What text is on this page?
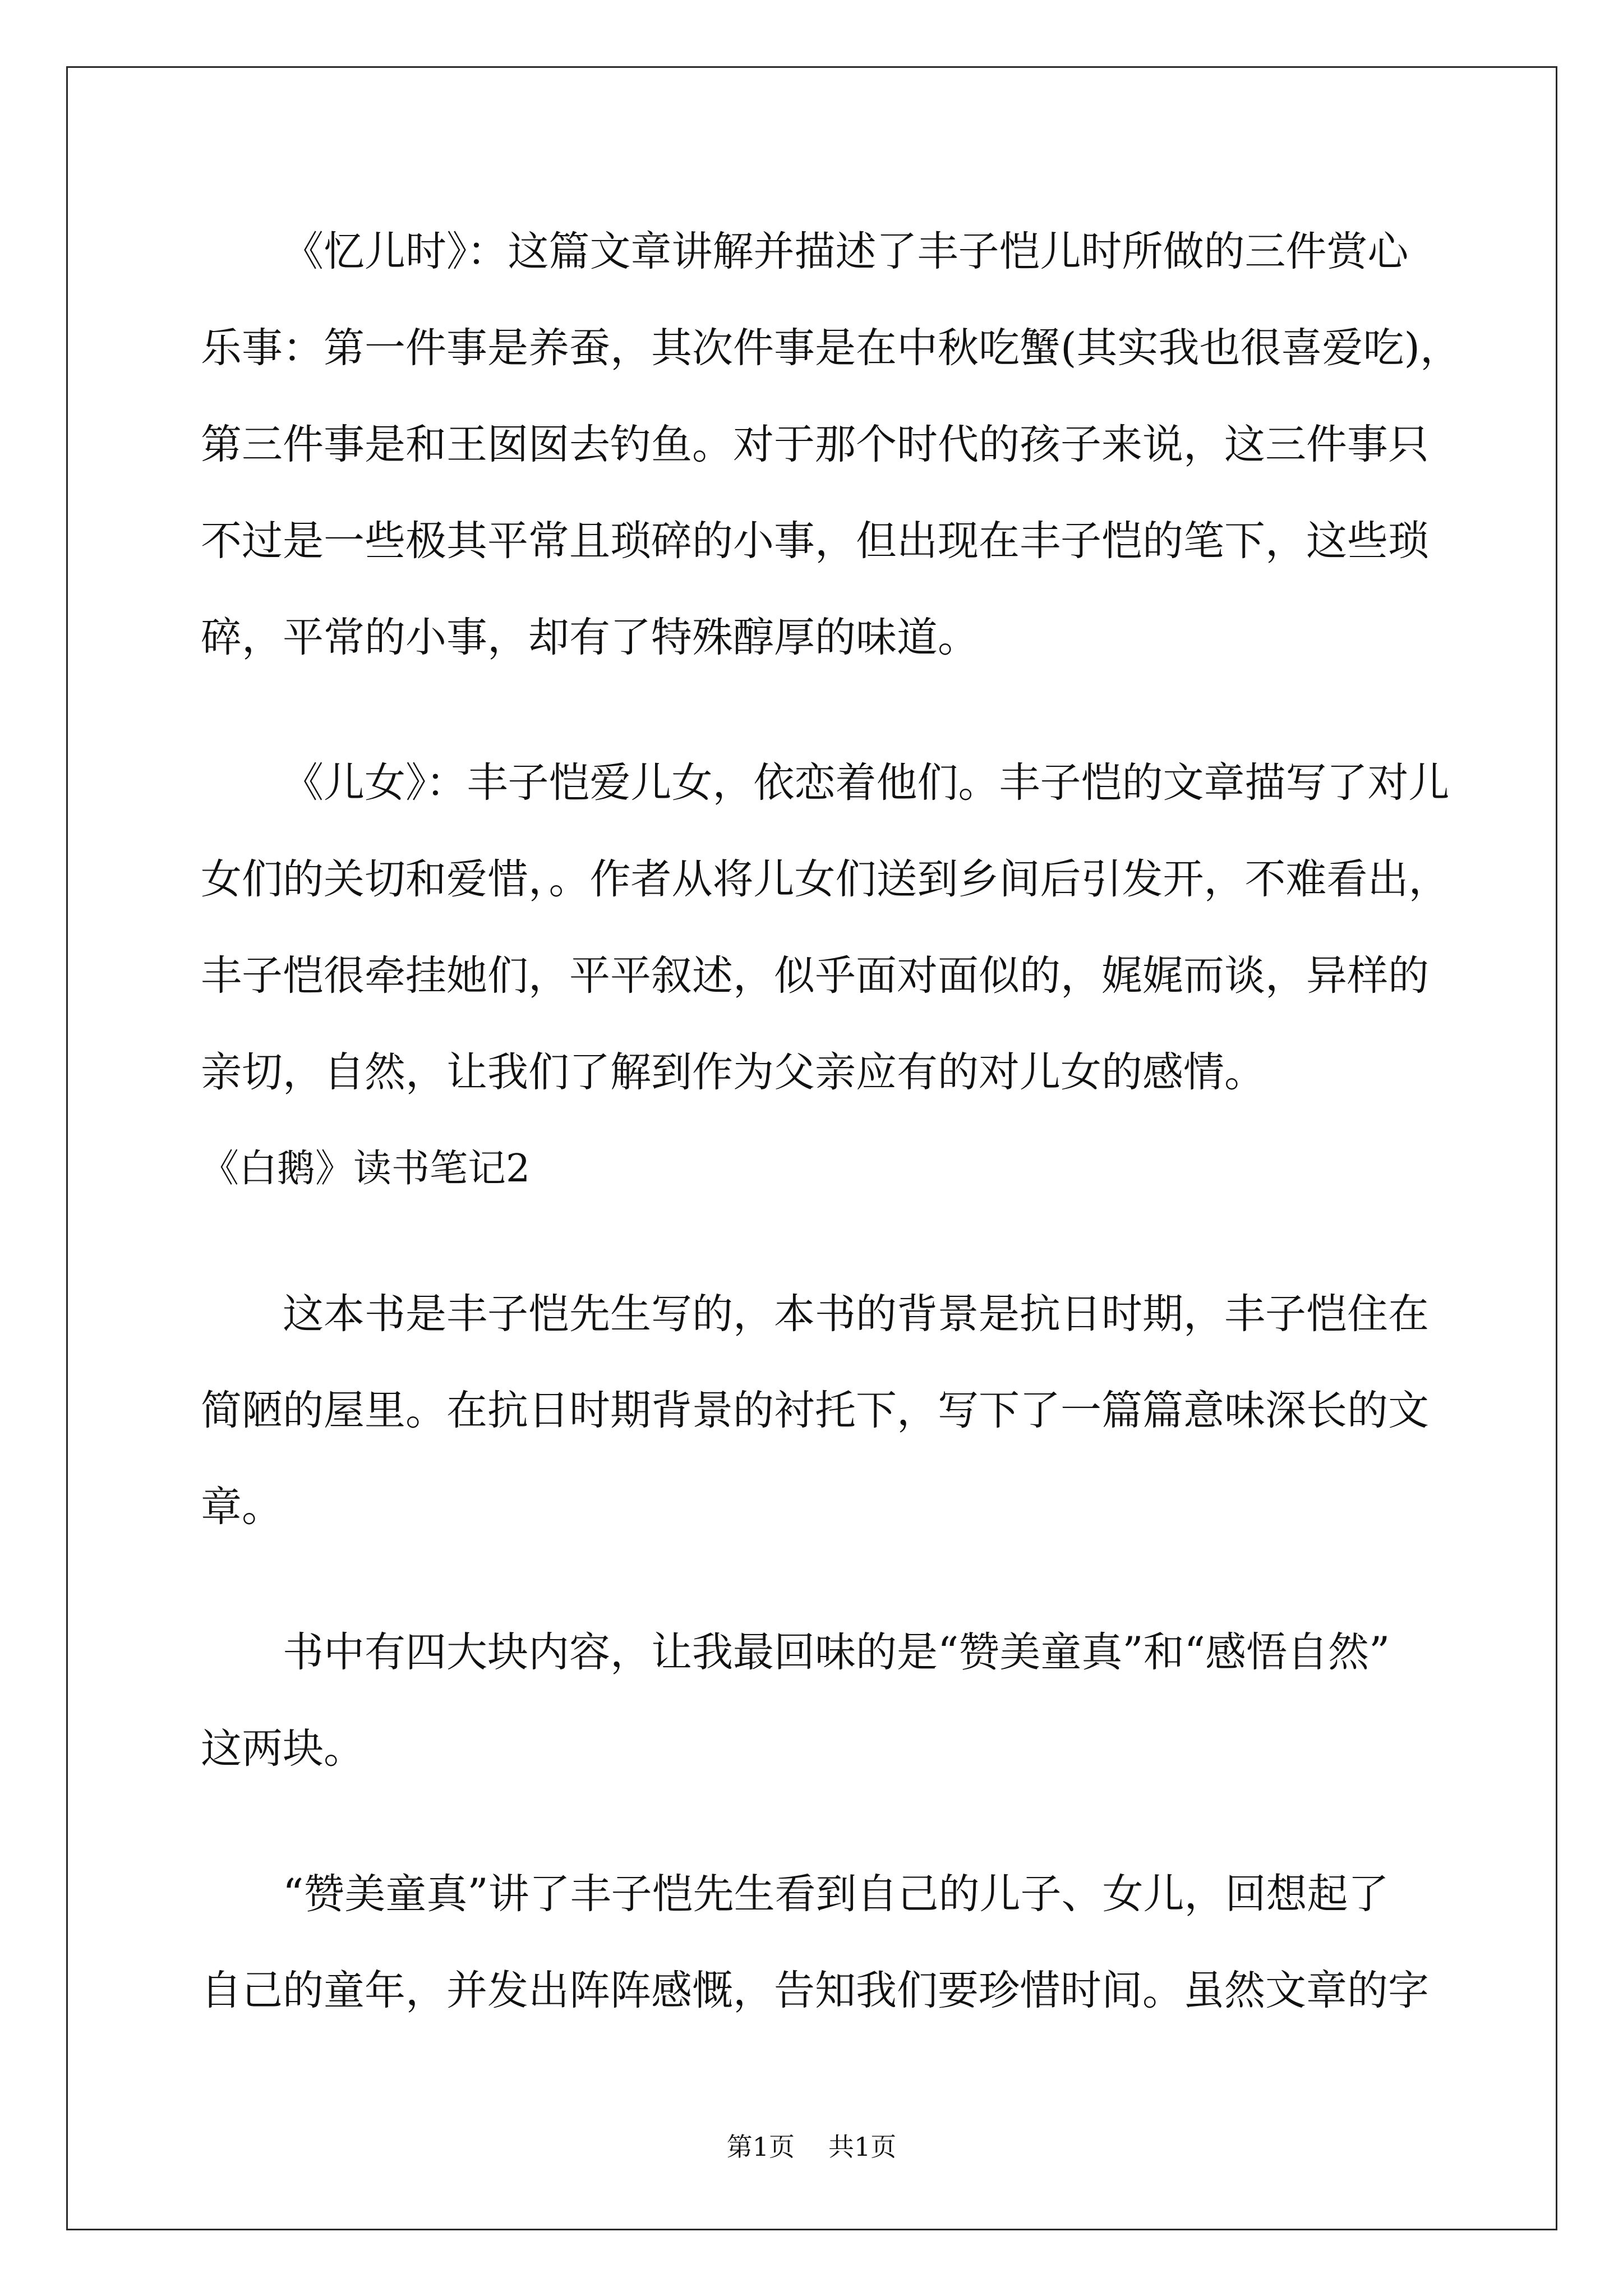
《忆儿时》：这篇文章讲解并描述了丰子恺儿时所做的三件赏心
乐事：第一件事是养蚕，其次件事是在中秋吃蟹(其实我也很喜爱吃)，
第三件事是和王囡囡去钓鱼。对于那个时代的孩子来说，这三件事只
不过是一些极其平常且琐碎的小事，但出现在丰子恺的笔下，这些琐
碎，平常的小事，却有了特殊醇厚的味道。
《儿女》：丰子恺爱儿女，依恋着他们。丰子恺的文章描写了对儿
女们的关切和爱惜，。作者从将儿女们送到乡间后引发开，不难看出，
丰子恺很牵挂她们，平平叙述，似乎面对面似的，娓娓而谈，异样的
亲切，自然，让我们了解到作为父亲应有的对儿女的感情。
《白鹅》读书笔记2
这本书是丰子恺先生写的，本书的背景是抗日时期，丰子恺住在
简陋的屋里。在抗日时期背景的衬托下，写下了一篇篇意味深长的文
章。
书中有四大块内容，让我最回味的是“赞美童真”和“感悟自然”
这两块。
“赞美童真”讲了丰子恺先生看到自己的儿子、女儿，回想起了
自己的童年，并发出阵阵感慨，告知我们要珍惜时间。虽然文章的字
第1页 共1页
